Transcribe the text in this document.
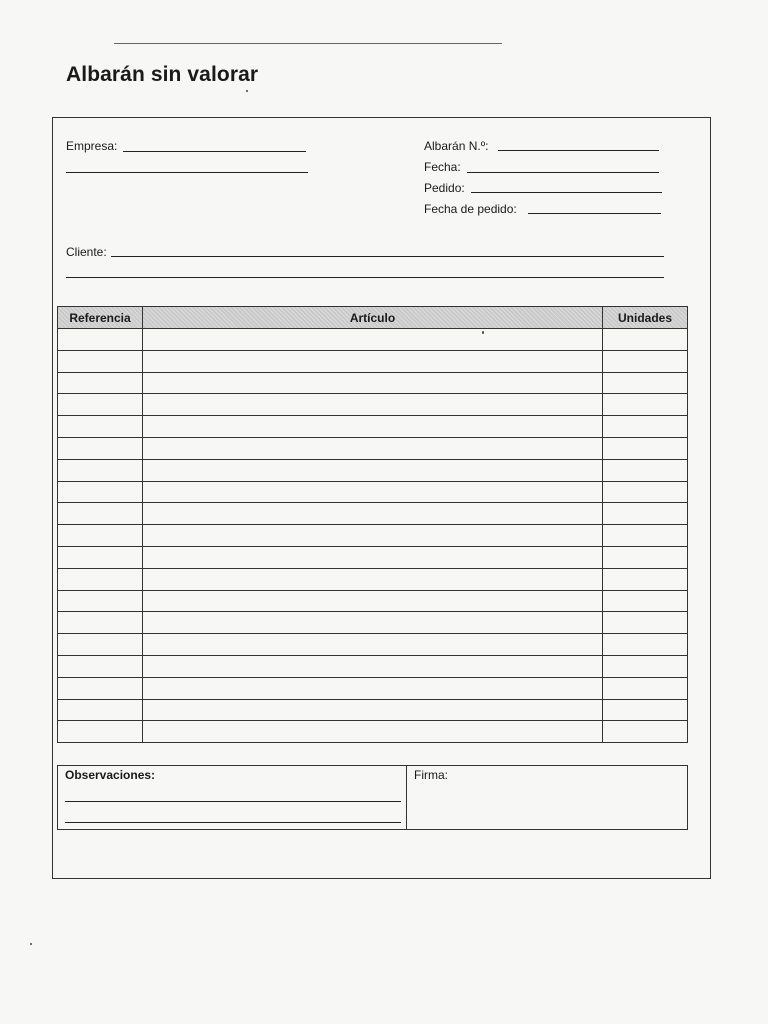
Albarán sin valorar
Empresa:	Albarán N.º:
Fecha:
Pedido:
Fecha de pedido:
Cliente:
Referencia	Artículo	Unidades

Observaciones:	Firma:
